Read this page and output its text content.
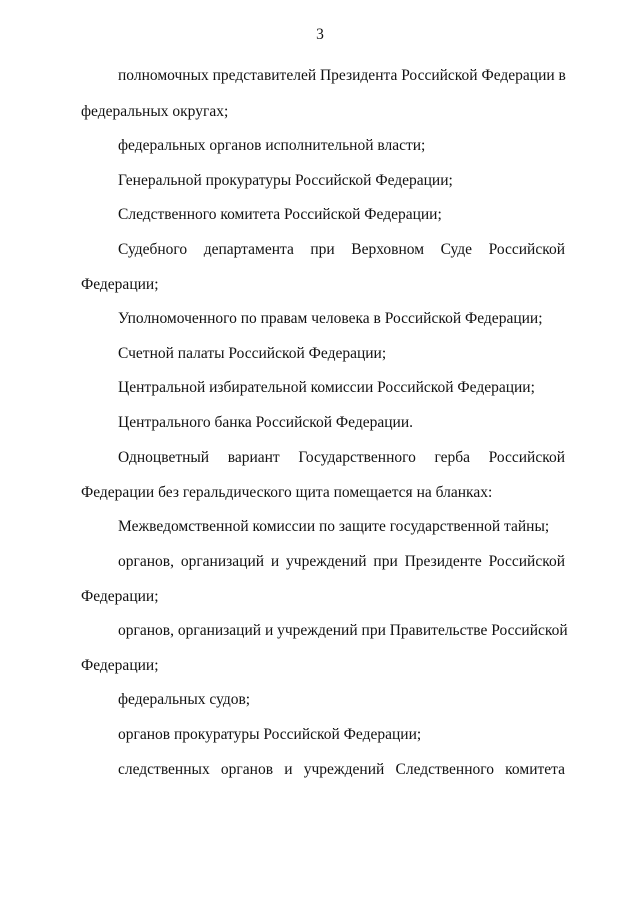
3
полномочных представителей Президента Российской Федерации в
федеральных округах;
федеральных органов исполнительной власти;
Генеральной прокуратуры Российской Федерации;
Следственного комитета Российской Федерации;
Судебного департамента при Верховном Суде Российской
Федерации;
Уполномоченного по правам человека в Российской Федерации;
Счетной палаты Российской Федерации;
Центральной избирательной комиссии Российской Федерации;
Центрального банка Российской Федерации.
Одноцветный вариант Государственного герба Российской
Федерации без геральдического щита помещается на бланках:
Межведомственной комиссии по защите государственной тайны;
органов, организаций и учреждений при Президенте Российской
Федерации;
органов, организаций и учреждений при Правительстве Российской
Федерации;
федеральных судов;
органов прокуратуры Российской Федерации;
следственных органов и учреждений Следственного комитета
